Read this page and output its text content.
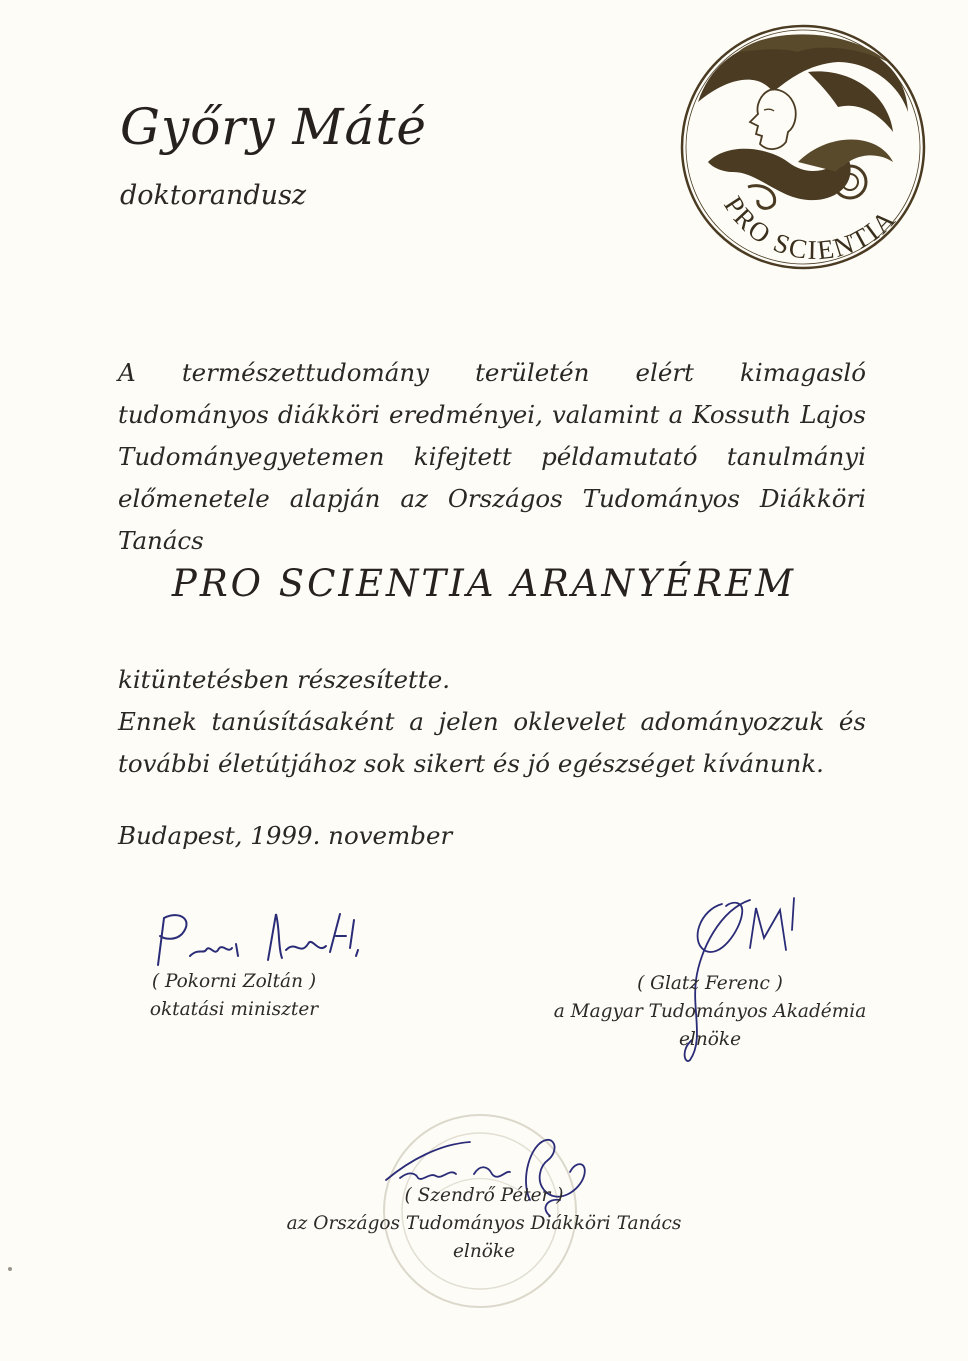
Győry Máté
doktorandusz	PRO SCIENTIA
A természettudomány területén elért kimagasló tudományos diákköri eredményei, valamint a Kossuth Lajos Tudományegyetemen kifejtett példamutató tanulmányi előmenetele alapján az Országos Tudományos Diákköri Tanács
PRO SCIENTIA ARANYÉREM

kitüntetésben részesítette.

Ennek tanúsításaként a jelen oklevelet adományozzuk és további életútjához sok sikert és jó egészséget kívánunk.

Budapest, 1999. november
( Pokorni Zoltán )
oktatási miniszter
( Glatz Ferenc )
a Magyar Tudományos Akadémia
elnöke
( Szendrő Péter )
az Országos Tudományos Diákköri Tanács
elnöke
